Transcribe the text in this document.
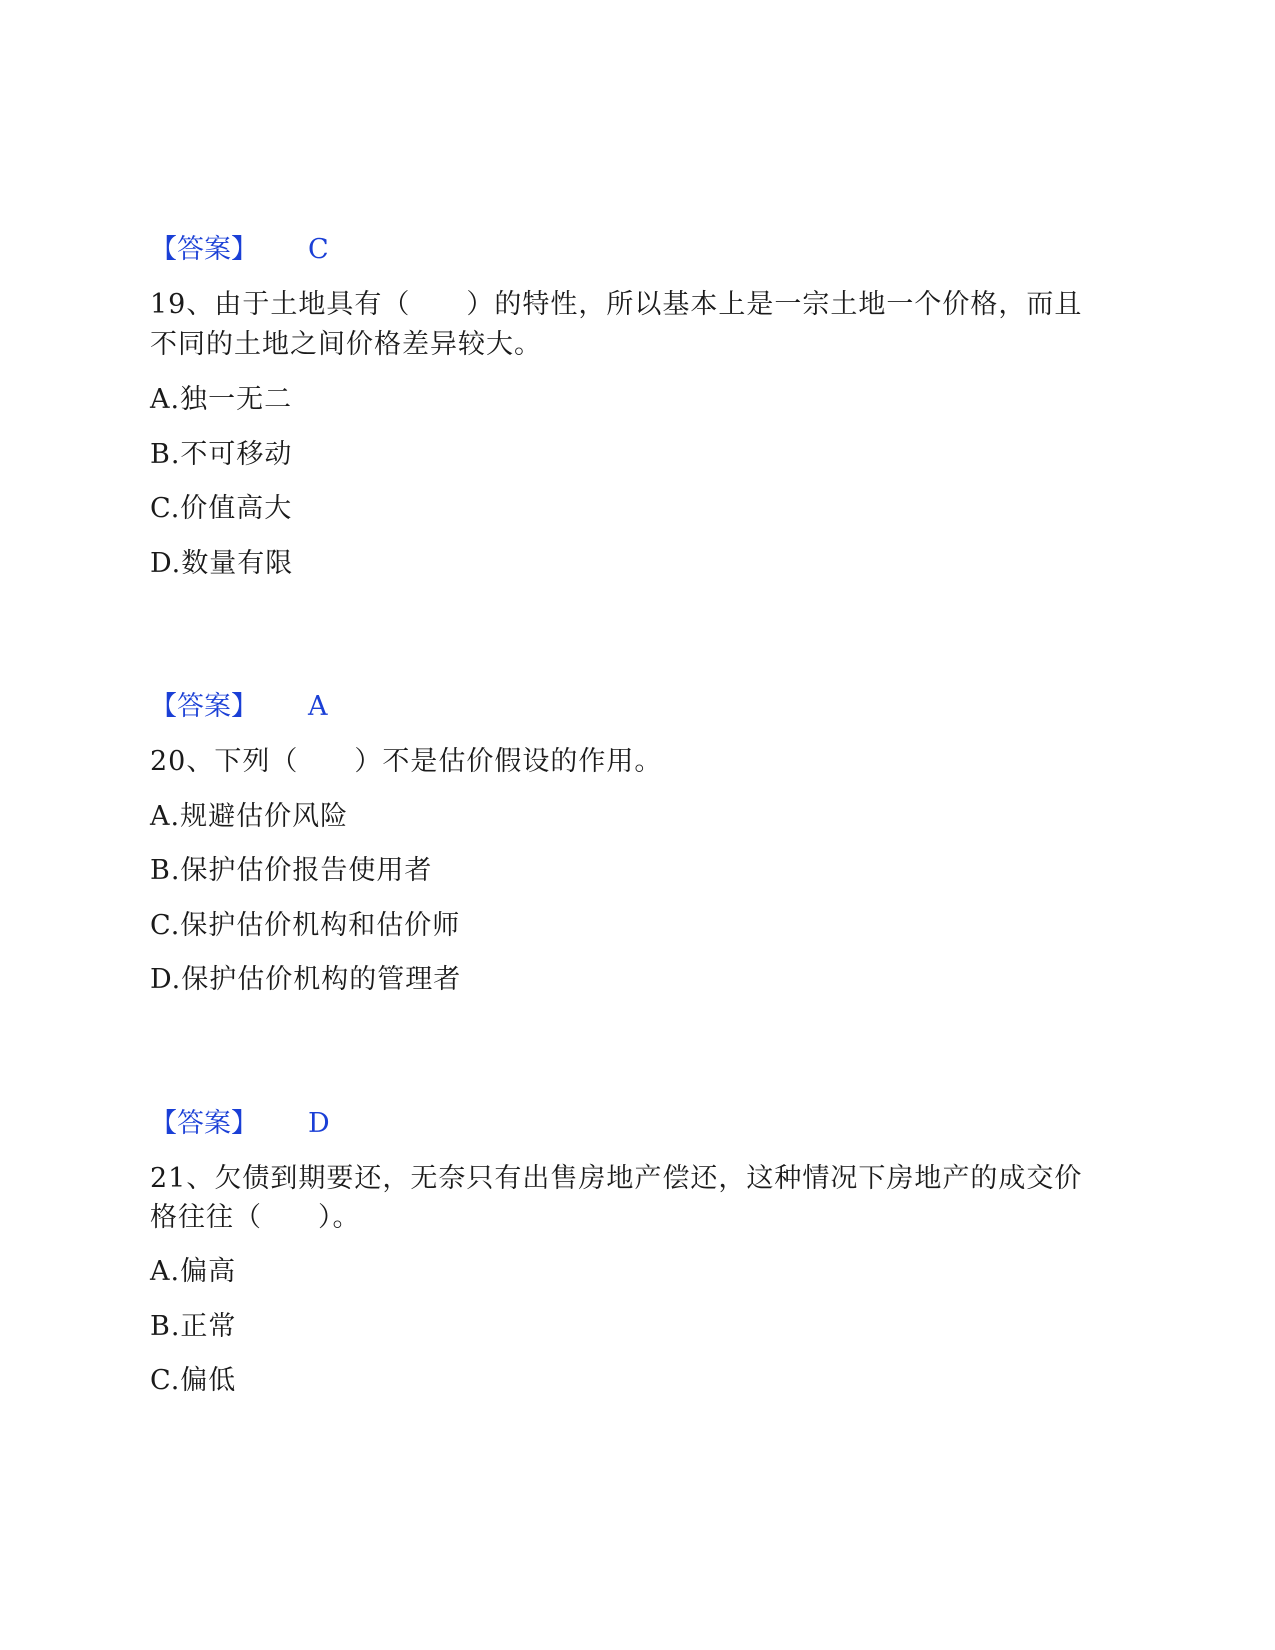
【答案】 C

19、由于土地具有（　　）的特性，所以基本上是一宗土地一个价格，而且

不同的土地之间价格差异较大。

A.独一无二

B.不可移动

C.价值高大

D.数量有限

【答案】 A

20、下列（　　）不是估价假设的作用。

A.规避估价风险

B.保护估价报告使用者

C.保护估价机构和估价师

D.保护估价机构的管理者

【答案】 D

21、欠债到期要还，无奈只有出售房地产偿还，这种情况下房地产的成交价

格往往（　　）。

A.偏高

B.正常

C.偏低
